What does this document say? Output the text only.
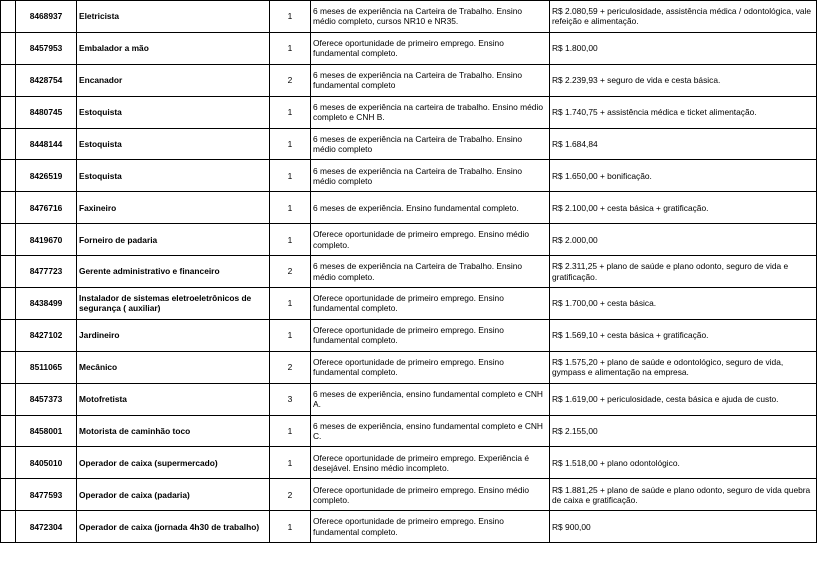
	8468937	Eletricista	1	6 meses de experiência na Carteira de Trabalho. Ensino médio completo, cursos NR10 e NR35.	R$ 2.080,59 + periculosidade, assistência médica / odontológica, vale refeição e alimentação.
	8457953	Embalador a mão	1	Oferece oportunidade de primeiro emprego. Ensino fundamental completo.	R$ 1.800,00
	8428754	Encanador	2	6 meses de experiência na Carteira de Trabalho. Ensino fundamental completo	R$ 2.239,93 + seguro de vida e cesta básica.
	8480745	Estoquista	1	6 meses de experiência na carteira de trabalho. Ensino médio completo e CNH B.	R$ 1.740,75 + assistência médica e ticket alimentação.
	8448144	Estoquista	1	6 meses de experiência na Carteira de Trabalho. Ensino médio completo	R$ 1.684,84
	8426519	Estoquista	1	6 meses de experiência na Carteira de Trabalho. Ensino médio completo	R$ 1.650,00 + bonificação.
	8476716	Faxineiro	1	6 meses de experiência. Ensino fundamental completo.	R$ 2.100,00 + cesta básica + gratificação.
	8419670	Forneiro de padaria	1	Oferece oportunidade de primeiro emprego. Ensino médio completo.	R$ 2.000,00
	8477723	Gerente administrativo e financeiro	2	6 meses de experiência na Carteira de Trabalho. Ensino médio completo.	R$ 2.311,25 + plano de saúde e plano odonto, seguro de vida e gratificação.
	8438499	Instalador de sistemas eletroeletrônicos de segurança ( auxiliar)	1	Oferece oportunidade de primeiro emprego. Ensino fundamental completo.	R$ 1.700,00 + cesta básica.
	8427102	Jardineiro	1	Oferece oportunidade de primeiro emprego. Ensino fundamental completo.	R$ 1.569,10 + cesta básica + gratificação.
	8511065	Mecânico	2	Oferece oportunidade de primeiro emprego. Ensino fundamental completo.	R$ 1.575,20 + plano de saúde e odontológico, seguro de vida, gympass e alimentação na empresa.
	8457373	Motofretista	3	6 meses de experiência, ensino fundamental completo e CNH A.	R$ 1.619,00 + periculosidade, cesta básica e ajuda de custo.
	8458001	Motorista de caminhão toco	1	6 meses de experiência, ensino fundamental completo e CNH C.	R$ 2.155,00
	8405010	Operador de caixa (supermercado)	1	Oferece oportunidade de primeiro emprego. Experiência é desejável. Ensino médio incompleto.	R$ 1.518,00 + plano odontológico.
	8477593	Operador de caixa (padaria)	2	Oferece oportunidade de primeiro emprego. Ensino médio completo.	R$ 1.881,25 + plano de saúde e plano odonto, seguro de vida quebra de caixa e gratificação.
	8472304	Operador de caixa (jornada 4h30 de trabalho)	1	Oferece oportunidade de primeiro emprego. Ensino fundamental completo.	R$ 900,00
